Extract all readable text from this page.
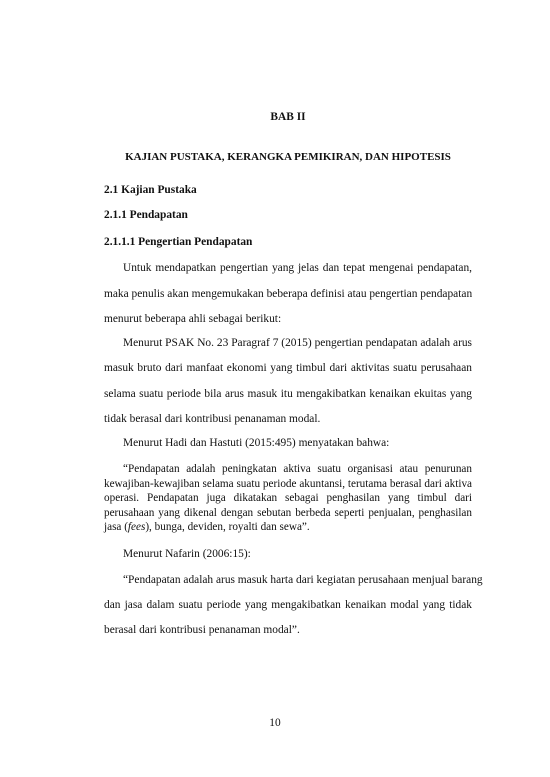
BAB II

KAJIAN PUSTAKA, KERANGKA PEMIKIRAN, DAN HIPOTESIS

2.1 Kajian Pustaka

2.1.1 Pendapatan

2.1.1.1 Pengertian Pendapatan

Untuk mendapatkan pengertian yang jelas dan tepat mengenai pendapatan,

maka penulis akan mengemukakan beberapa definisi atau pengertian pendapatan

menurut beberapa ahli sebagai berikut:

Menurut PSAK No. 23 Paragraf 7 (2015) pengertian pendapatan adalah arus

masuk bruto dari manfaat ekonomi yang timbul dari aktivitas suatu perusahaan

selama suatu periode bila arus masuk itu mengakibatkan kenaikan ekuitas yang

tidak berasal dari kontribusi penanaman modal.

Menurut Hadi dan Hastuti (2015:495) menyatakan bahwa:

“Pendapatan adalah peningkatan aktiva suatu organisasi atau penurunan
kewajiban-kewajiban selama suatu periode akuntansi, terutama berasal dari aktiva
operasi. Pendapatan juga dikatakan sebagai penghasilan yang timbul dari
perusahaan yang dikenal dengan sebutan berbeda seperti penjualan, penghasilan
jasa (fees), bunga, deviden, royalti dan sewa”.

Menurut Nafarin (2006:15):

“Pendapatan adalah arus masuk harta dari kegiatan perusahaan menjual barang

dan jasa dalam suatu periode yang mengakibatkan kenaikan modal yang tidak

berasal dari kontribusi penanaman modal”.

10
